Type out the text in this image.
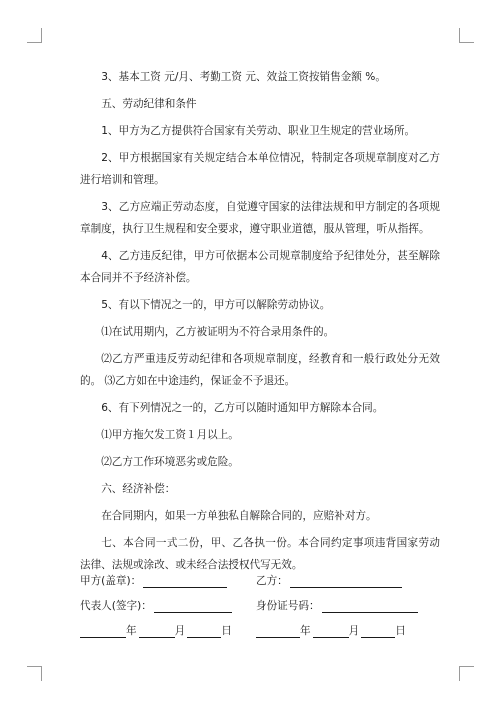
3、基本工资 元/月、考勤工资 元、效益工资按销售金额 %。

五、劳动纪律和条件

1、甲方为乙方提供符合国家有关劳动、职业卫生规定的营业场所。

2、甲方根据国家有关规定结合本单位情况，特制定各项规章制度对乙方进行培训和管理。

3、乙方应端正劳动态度，自觉遵守国家的法律法规和甲方制定的各项规章制度，执行卫生规程和安全要求，遵守职业道德，服从管理，听从指挥。

4、乙方违反纪律，甲方可依据本公司规章制度给予纪律处分，甚至解除本合同并不予经济补偿。

5、有以下情况之一的，甲方可以解除劳动协议。

⑴在试用期内，乙方被证明为不符合录用条件的。

⑵乙方严重违反劳动纪律和各项规章制度，经教育和一般行政处分无效的。 ⑶乙方如在中途违约，保证金不予退还。

6、有下列情况之一的，乙方可以随时通知甲方解除本合同。

⑴甲方拖欠发工资１月以上。

⑵乙方工作环境恶劣或危险。

六、经济补偿：

在合同期内，如果一方单独私自解除合同的，应赔补对方。

七、本合同一式二份，甲、乙各执一份。本合同约定事项违背国家劳动法律、法规或涂改、或未经合法授权代写无效。

甲方(盖章)：	乙方：
代表人(签字)：	身份证号码：
年	月	日	年	月	日
